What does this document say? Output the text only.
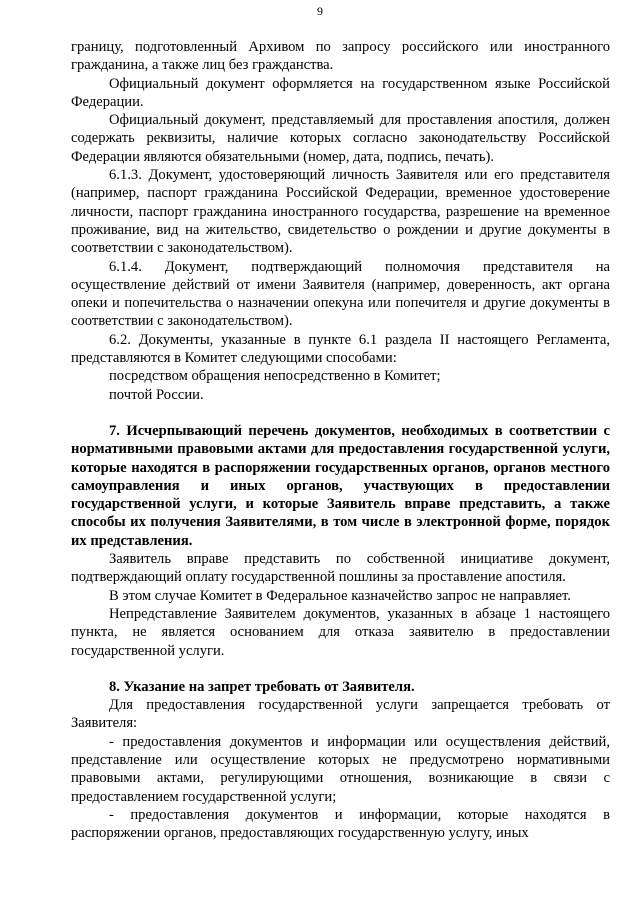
9

границу, подготовленный Архивом по запросу российского или иностранного гражданина, а также лиц без гражданства.

Официальный документ оформляется на государственном языке Российской Федерации.

Официальный документ, представляемый для проставления апостиля, должен содержать реквизиты, наличие которых согласно законодательству Российской Федерации являются обязательными (номер, дата, подпись, печать).

6.1.3. Документ, удостоверяющий личность Заявителя или его представителя (например, паспорт гражданина Российской Федерации, временное удостоверение личности, паспорт гражданина иностранного государства, разрешение на временное проживание, вид на жительство, свидетельство о рождении и другие документы в соответствии с законодательством).

6.1.4. Документ, подтверждающий полномочия представителя на осуществление действий от имени Заявителя (например, доверенность, акт органа опеки и попечительства о назначении опекуна или попечителя и другие документы в соответствии с законодательством).

6.2. Документы, указанные в пункте 6.1 раздела II настоящего Регламента, представляются в Комитет следующими способами:

посредством обращения непосредственно в Комитет;

почтой России.

7. Исчерпывающий перечень документов, необходимых в соответствии с нормативными правовыми актами для предоставления государственной услуги, которые находятся в распоряжении государственных органов, органов местного самоуправления и иных органов, участвующих в предоставлении государственной услуги, и которые Заявитель вправе представить, а также способы их получения Заявителями, в том числе в электронной форме, порядок их представления.

Заявитель вправе представить по собственной инициативе документ, подтверждающий оплату государственной пошлины за проставление апостиля.

В этом случае Комитет в Федеральное казначейство запрос не направляет.

Непредставление Заявителем документов, указанных в абзаце 1 настоящего пункта, не является основанием для отказа заявителю в предоставлении государственной услуги.

8. Указание на запрет требовать от Заявителя.

Для предоставления государственной услуги запрещается требовать от Заявителя:

- предоставления документов и информации или осуществления действий, представление или осуществление которых не предусмотрено нормативными правовыми актами, регулирующими отношения, возникающие в связи с предоставлением государственной услуги;

- предоставления документов и информации, которые находятся в распоряжении органов, предоставляющих государственную услугу, иных
